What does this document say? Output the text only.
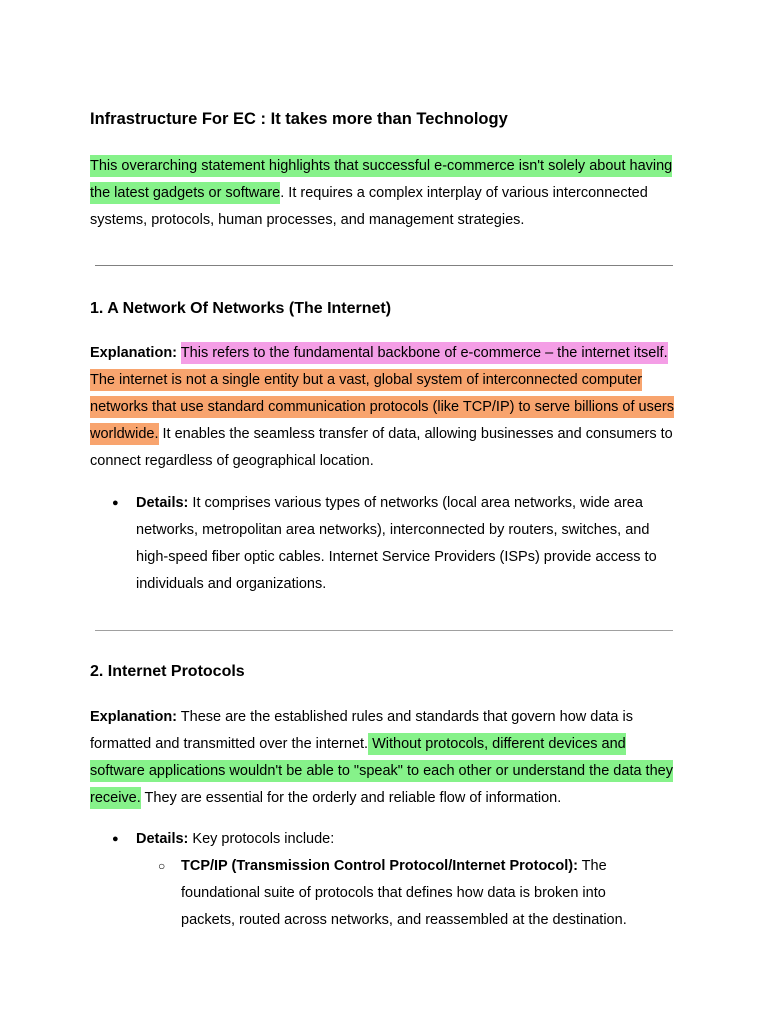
Infrastructure For EC : It takes more than Technology

This overarching statement highlights that successful e-commerce isn't solely about having the latest gadgets or software. It requires a complex interplay of various interconnected systems, protocols, human processes, and management strategies.

1. A Network Of Networks (The Internet)

Explanation: This refers to the fundamental backbone of e-commerce – the internet itself. The internet is not a single entity but a vast, global system of interconnected computer networks that use standard communication protocols (like TCP/IP) to serve billions of users worldwide. It enables the seamless transfer of data, allowing businesses and consumers to connect regardless of geographical location.

● Details: It comprises various types of networks (local area networks, wide area networks, metropolitan area networks), interconnected by routers, switches, and high-speed fiber optic cables. Internet Service Providers (ISPs) provide access to individuals and organizations.

2. Internet Protocols

Explanation: These are the established rules and standards that govern how data is formatted and transmitted over the internet. Without protocols, different devices and software applications wouldn't be able to "speak" to each other or understand the data they receive. They are essential for the orderly and reliable flow of information.

● Details: Key protocols include:

○ TCP/IP (Transmission Control Protocol/Internet Protocol): The foundational suite of protocols that defines how data is broken into packets, routed across networks, and reassembled at the destination.
